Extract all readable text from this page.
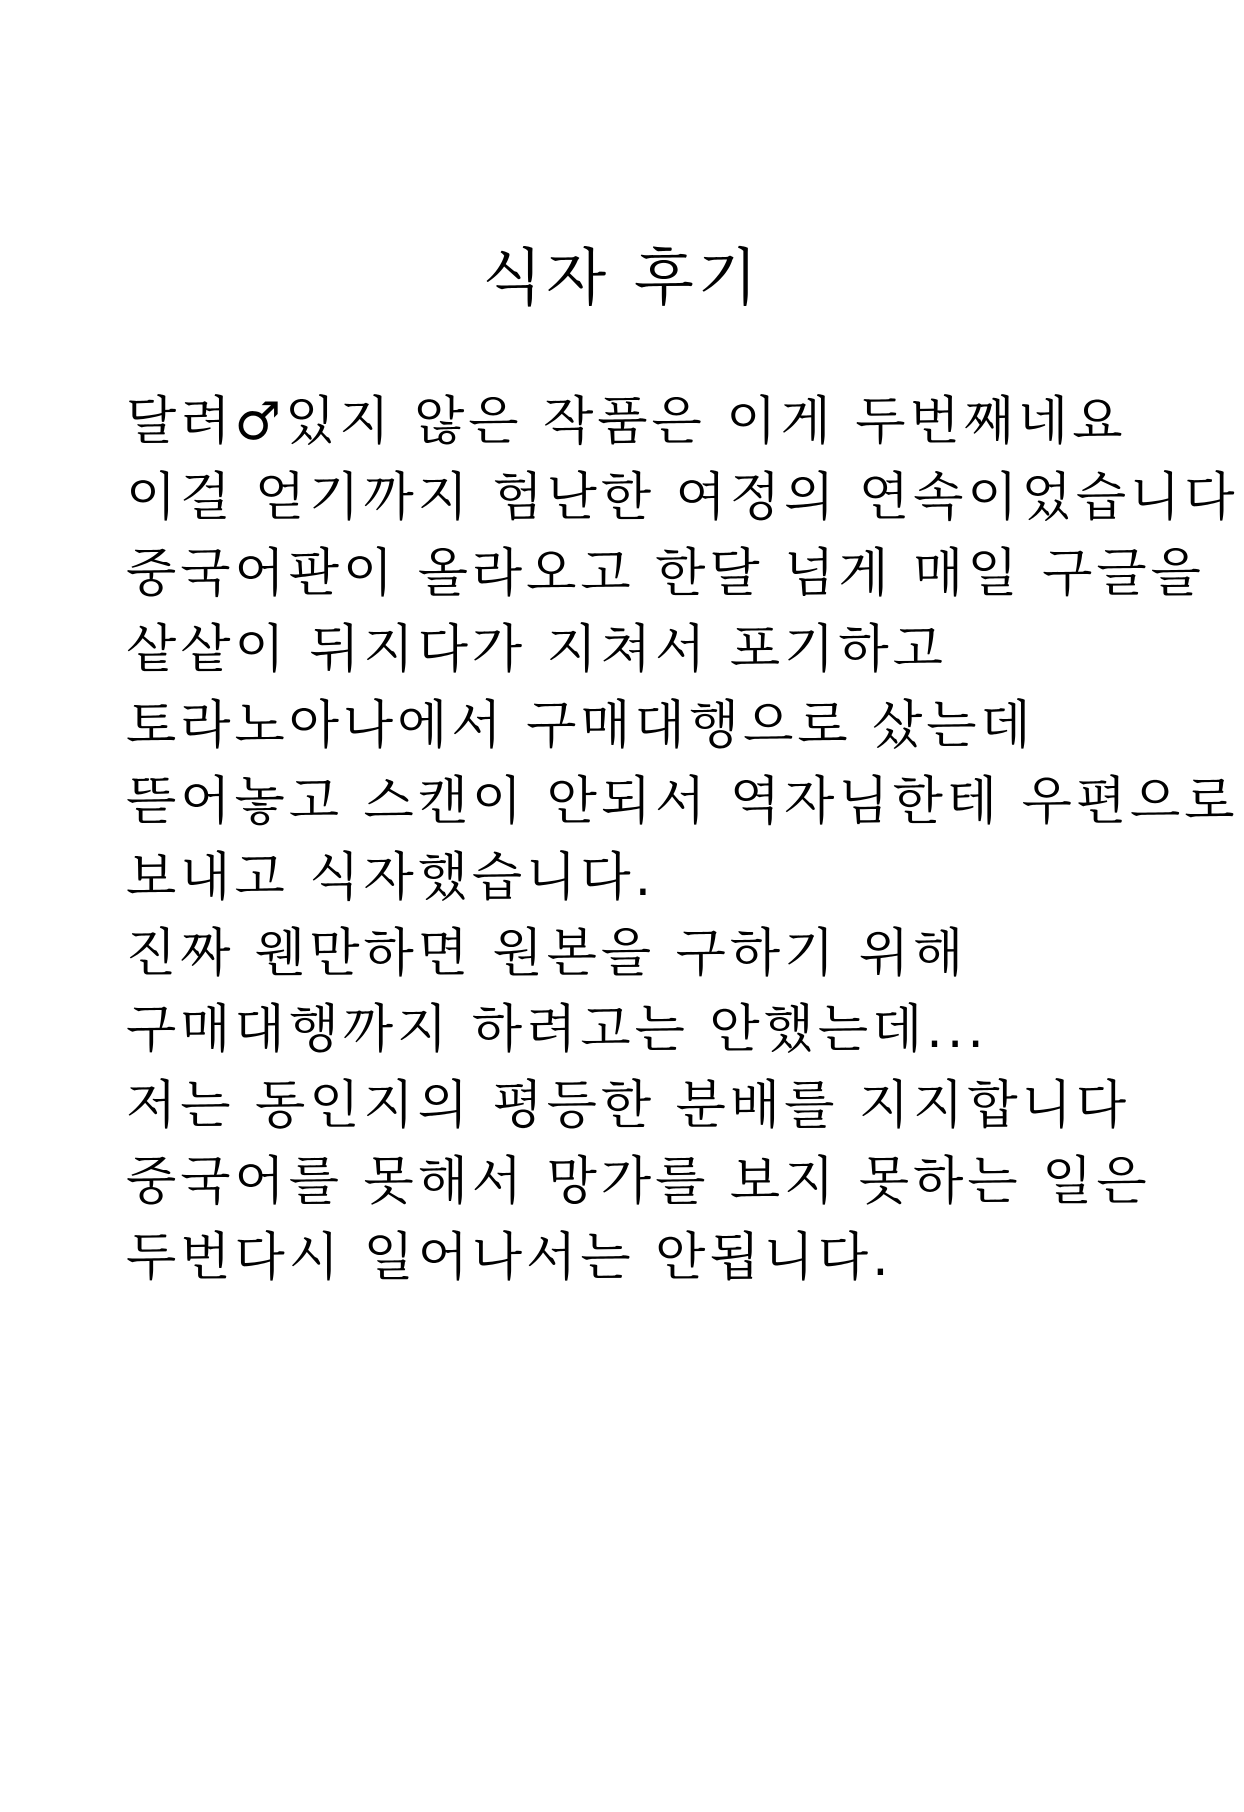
식자 후기
달려♂있지 않은 작품은 이게 두번째네요
이걸 얻기까지 험난한 여정의 연속이었습니다
중국어판이 올라오고 한달 넘게 매일 구글을
샅샅이 뒤지다가 지쳐서 포기하고
토라노아나에서 구매대행으로 샀는데
뜯어놓고 스캔이 안되서 역자님한테 우편으로
보내고 식자했습니다.
진짜 웬만하면 원본을 구하기 위해
구매대행까지 하려고는 안했는데...
저는 동인지의 평등한 분배를 지지합니다
중국어를 못해서 망가를 보지 못하는 일은
두번다시 일어나서는 안됩니다.
